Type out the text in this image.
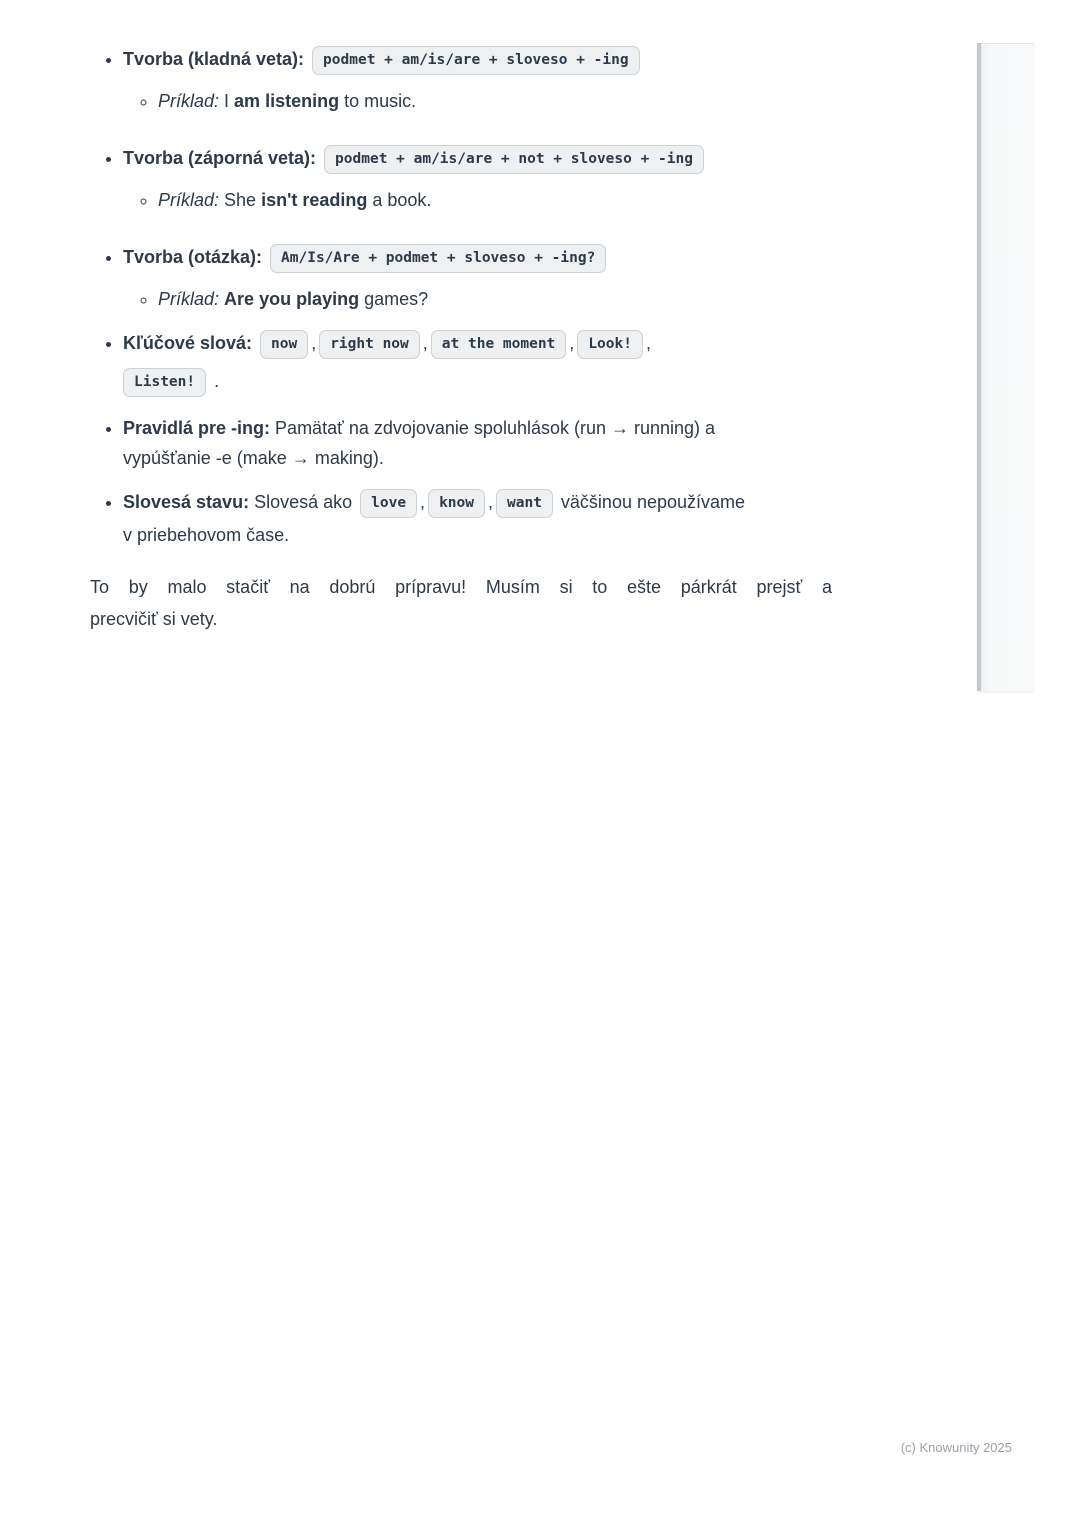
• Tvorba (kladná veta): podmet + am/is/are + sloveso + -ing
◦ Príklad: I am listening to music.
• Tvorba (záporná veta): podmet + am/is/are + not + sloveso + -ing
◦ Príklad: She isn't reading a book.
• Tvorba (otázka): Am/Is/Are + podmet + sloveso + -ing?
◦ Príklad: Are you playing games?
• Kľúčové slová: now , right now , at the moment , Look! ,
Listen! .
• Pravidlá pre -ing: Pamätať na zdvojovanie spoluhlások (run → running) a
vypúšťanie -e (make → making).
• Slovesá stavu: Slovesá ako love , know , want väčšinou nepoužívame
v priebehovom čase.
To by malo stačiť na dobrú prípravu! Musím si to ešte párkrát prejsť a
precvičiť si vety.
(c) Knowunity 2025
